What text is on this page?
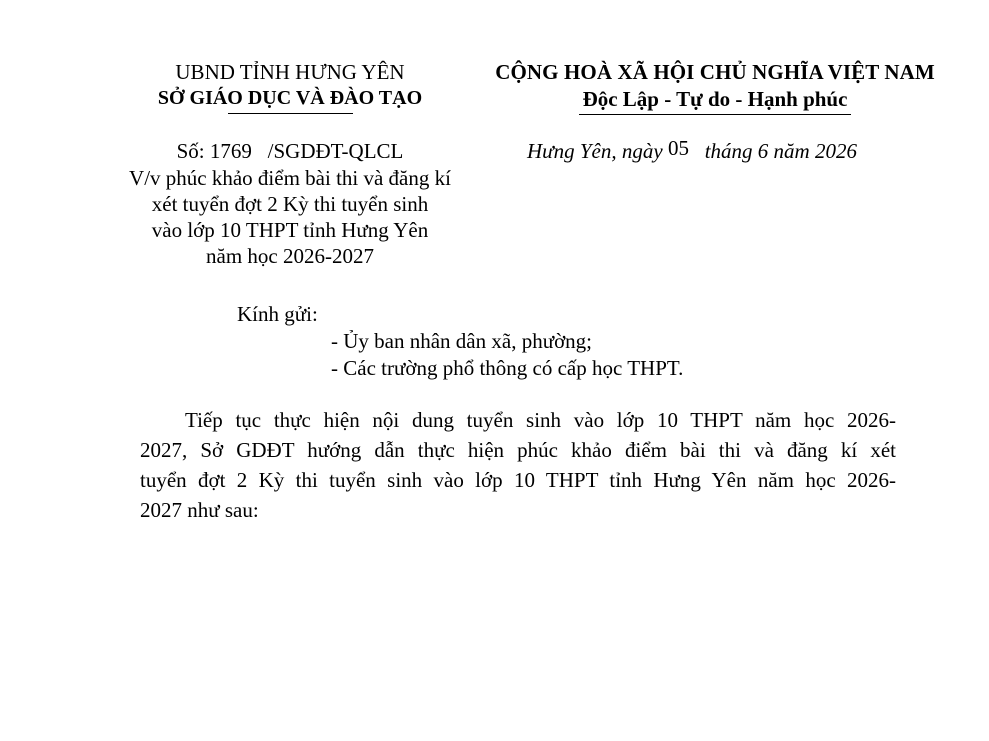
UBND TỈNH HƯNG YÊN
SỞ GIÁO DỤC VÀ ĐÀO TẠO
CỘNG HOÀ XÃ HỘI CHỦ NGHĨA VIỆT NAM
Độc Lập - Tự do - Hạnh phúc
Số: 1769 /SGDĐT-QLCL
V/v phúc khảo điểm bài thi và đăng kí
xét tuyển đợt 2 Kỳ thi tuyển sinh
vào lớp 10 THPT tỉnh Hưng Yên
năm học 2026-2027
Hưng Yên, ngày 05 tháng 6 năm 2026
Kính gửi:
- Ủy ban nhân dân xã, phường;
- Các trường phổ thông có cấp học THPT.
Tiếp tục thực hiện nội dung tuyển sinh vào lớp 10 THPT năm học 2026-
2027, Sở GDĐT hướng dẫn thực hiện phúc khảo điểm bài thi và đăng kí xét
tuyển đợt 2 Kỳ thi tuyển sinh vào lớp 10 THPT tỉnh Hưng Yên năm học 2026-
2027 như sau:
